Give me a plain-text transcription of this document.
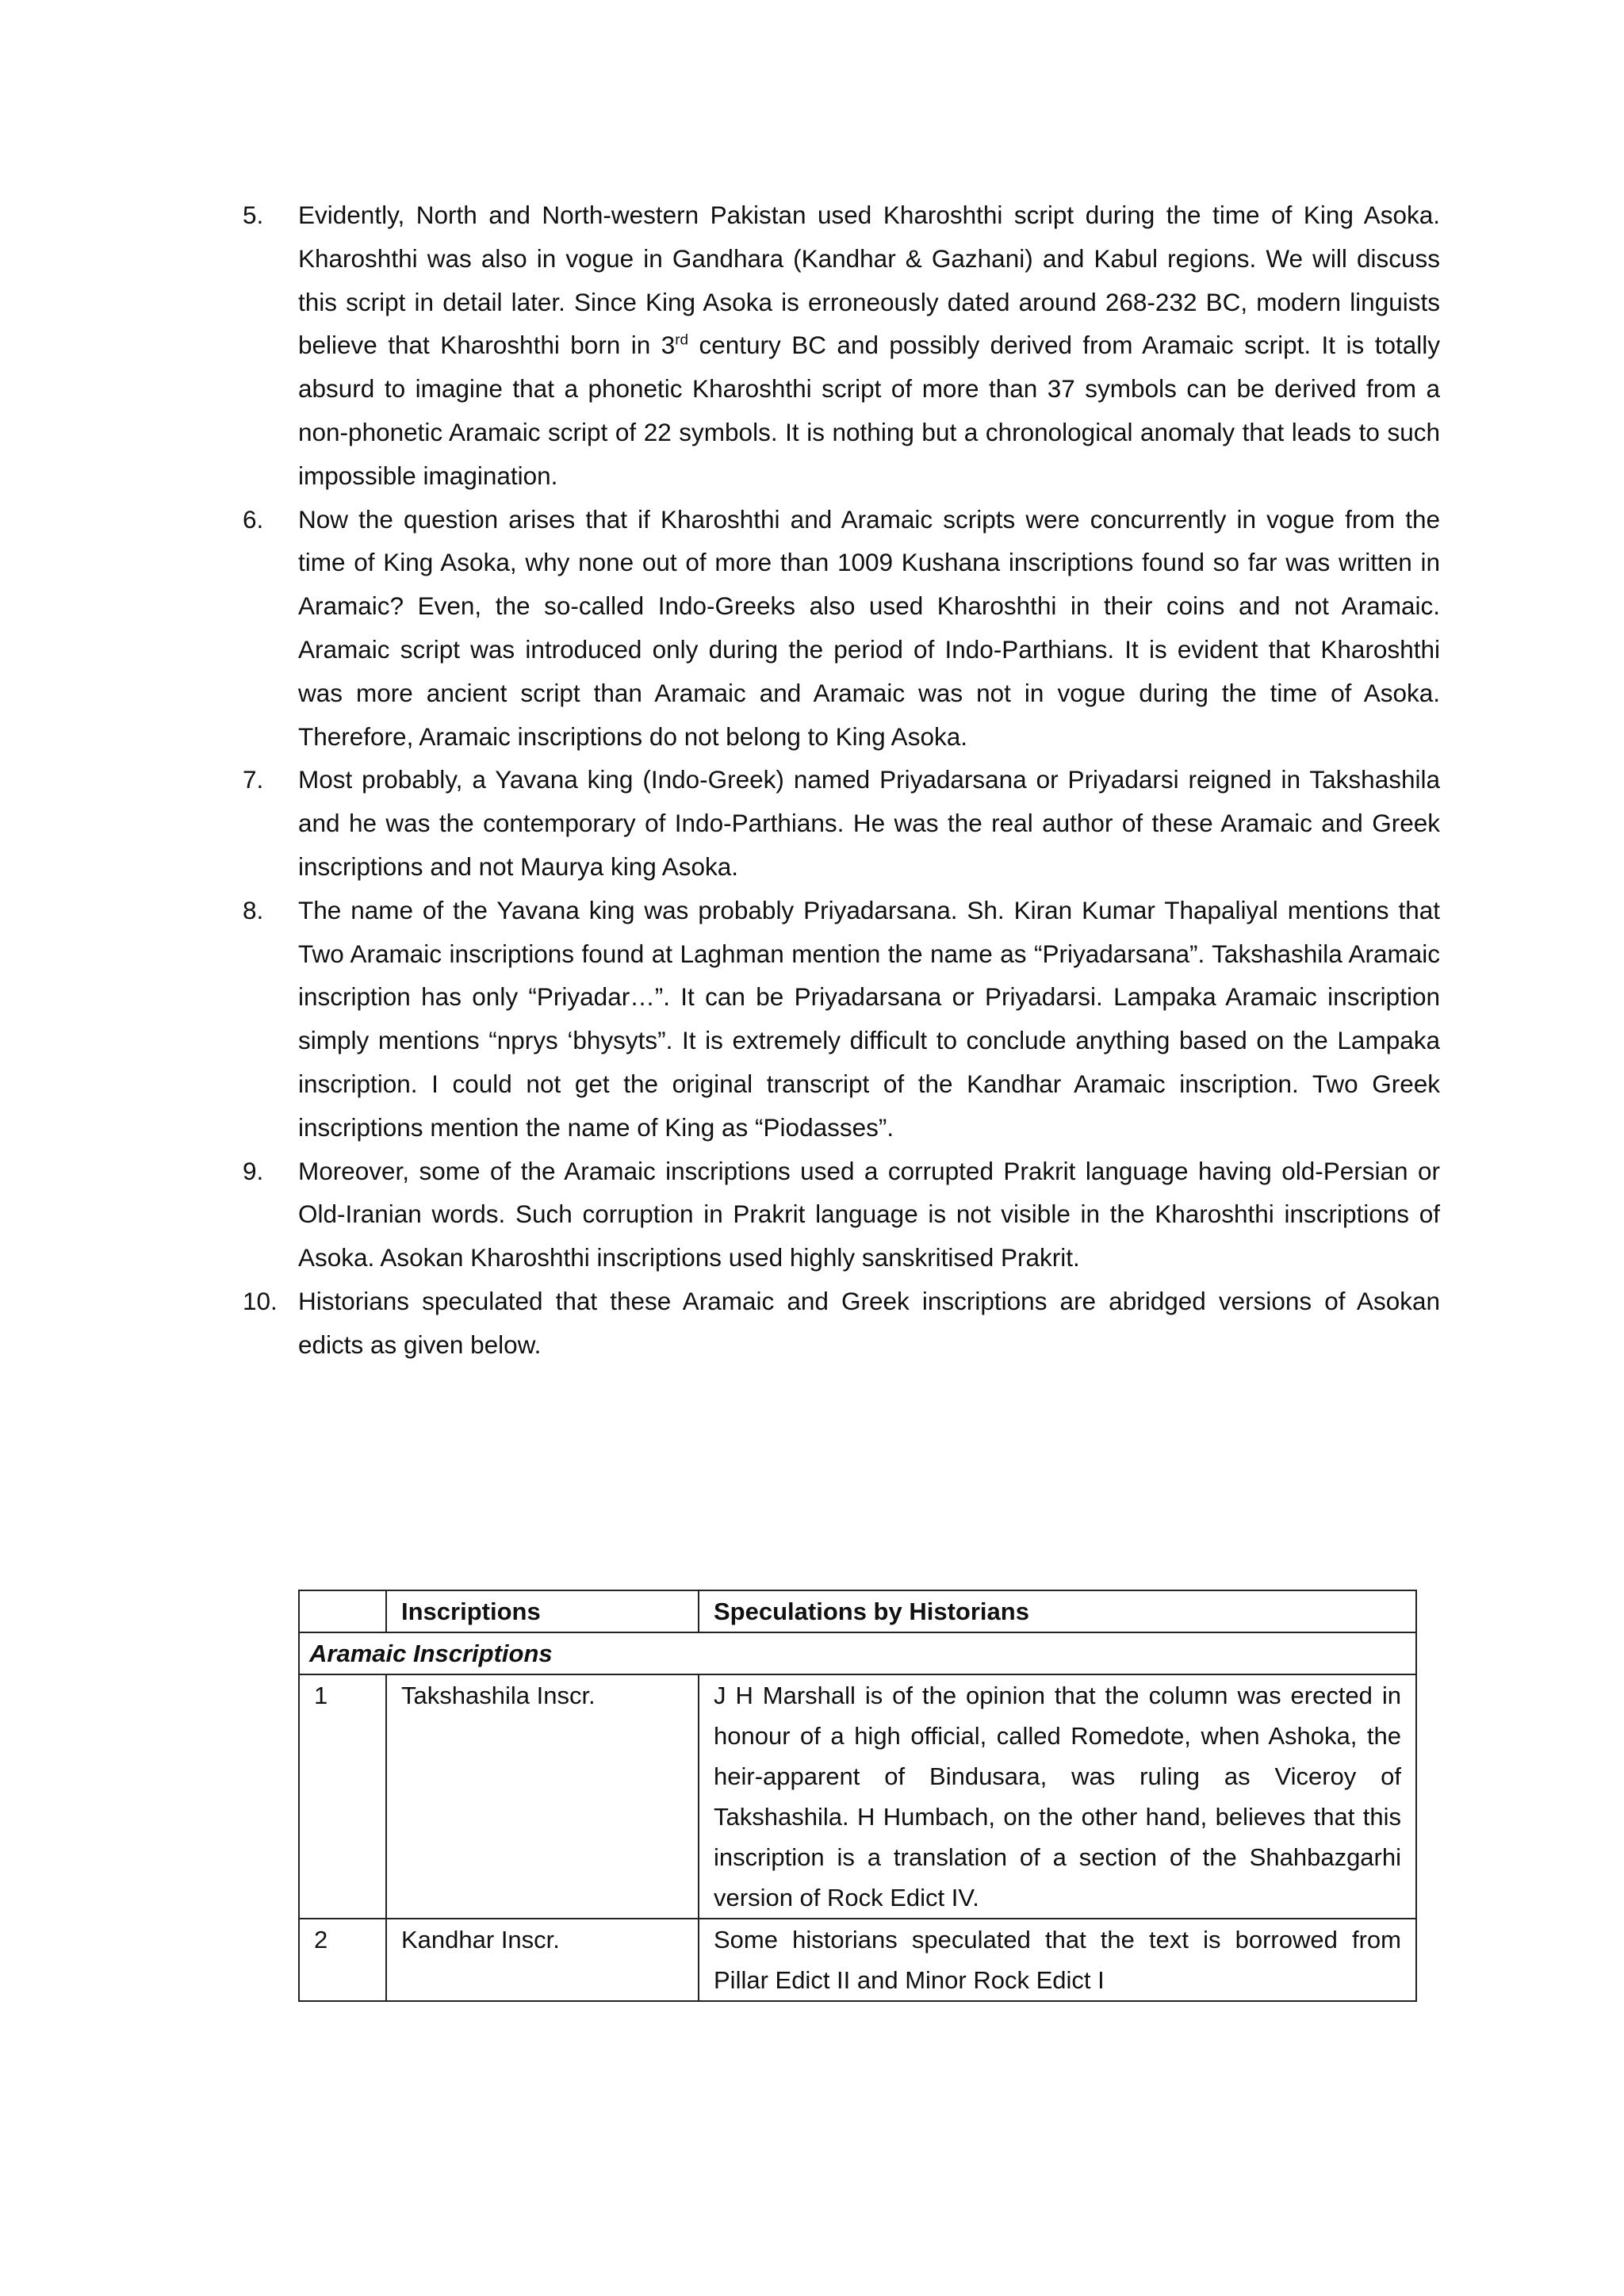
5.	Evidently, North and North-western Pakistan used Kharoshthi script during the time of King Asoka. Kharoshthi was also in vogue in Gandhara (Kandhar & Gazhani) and Kabul regions. We will discuss this script in detail later. Since King Asoka is erroneously dated around 268-232 BC, modern linguists believe that Kharoshthi born in 3rd century BC and possibly derived from Aramaic script. It is totally absurd to imagine that a phonetic Kharoshthi script of more than 37 symbols can be derived from a non-phonetic Aramaic script of 22 symbols. It is nothing but a chronological anomaly that leads to such impossible imagination.
6.	Now the question arises that if Kharoshthi and Aramaic scripts were concurrently in vogue from the time of King Asoka, why none out of more than 1009 Kushana inscriptions found so far was written in Aramaic? Even, the so-called Indo-Greeks also used Kharoshthi in their coins and not Aramaic. Aramaic script was introduced only during the period of Indo-Parthians. It is evident that Kharoshthi was more ancient script than Aramaic and Aramaic was not in vogue during the time of Asoka. Therefore, Aramaic inscriptions do not belong to King Asoka.
7.	Most probably, a Yavana king (Indo-Greek) named Priyadarsana or Priyadarsi reigned in Takshashila and he was the contemporary of Indo-Parthians. He was the real author of these Aramaic and Greek inscriptions and not Maurya king Asoka.
8.	The name of the Yavana king was probably Priyadarsana. Sh. Kiran Kumar Thapaliyal mentions that Two Aramaic inscriptions found at Laghman mention the name as “Priyadarsana”. Takshashila Aramaic inscription has only “Priyadar…”. It can be Priyadarsana or Priyadarsi. Lampaka Aramaic inscription simply mentions “nprys ‘bhysyts”. It is extremely difficult to conclude anything based on the Lampaka inscription. I could not get the original transcript of the Kandhar Aramaic inscription. Two Greek inscriptions mention the name of King as “Piodasses”.
9.	Moreover, some of the Aramaic inscriptions used a corrupted Prakrit language having old-Persian or Old-Iranian words. Such corruption in Prakrit language is not visible in the Kharoshthi inscriptions of Asoka. Asokan Kharoshthi inscriptions used highly sanskritised Prakrit.
10. Historians speculated that these Aramaic and Greek inscriptions are abridged versions of Asokan edicts as given below.
	Inscriptions	Speculations by Historians
Aramaic Inscriptions		
1	Takshashila Inscr.	J H Marshall is of the opinion that the column was erected in honour of a high official, called Romedote, when Ashoka, the heir-apparent of Bindusara, was ruling as Viceroy of Takshashila. H Humbach, on the other hand, believes that this inscription is a translation of a section of the Shahbazgarhi version of Rock Edict IV.
2	Kandhar Inscr.	Some historians speculated that the text is borrowed from Pillar Edict II and Minor Rock Edict I
